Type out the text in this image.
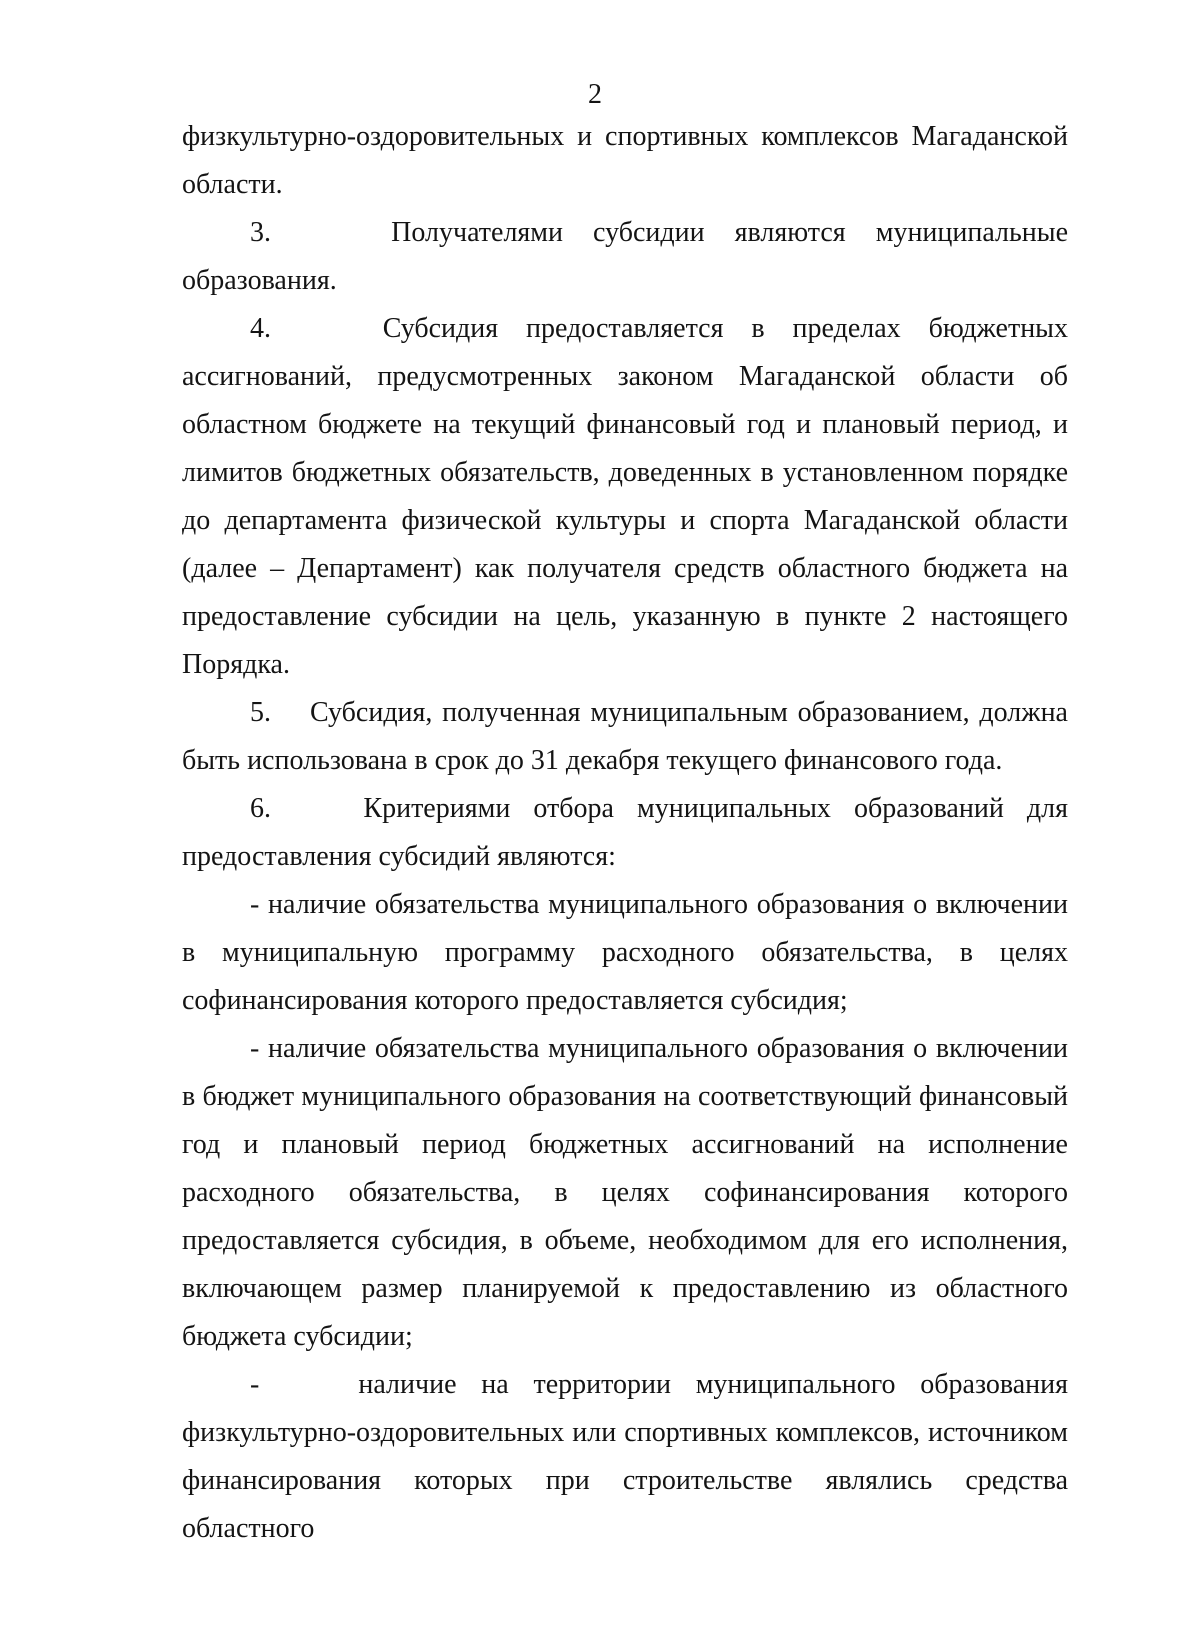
2

физкультурно-оздоровительных и спортивных комплексов Магаданской области.

3.    Получателями субсидии являются муниципальные образования.

4.    Субсидия предоставляется в пределах бюджетных ассигнований, предусмотренных законом Магаданской области об областном бюджете на текущий финансовый год и плановый период, и лимитов бюджетных обязательств, доведенных в установленном порядке до департамента физической культуры и спорта Магаданской области (далее – Департамент) как получателя средств областного бюджета на предоставление субсидии на цель, указанную в пункте 2 настоящего Порядка.

5.    Субсидия, полученная муниципальным образованием, должна быть использована в срок до 31 декабря текущего финансового года.

6.    Критериями отбора муниципальных образований для предоставления субсидий являются:

- наличие обязательства муниципального образования о включении в муниципальную программу расходного обязательства, в целях софинансирования которого предоставляется субсидия;

- наличие обязательства муниципального образования о включении в бюджет муниципального образования на соответствующий финансовый год и плановый период бюджетных ассигнований на исполнение расходного обязательства, в целях софинансирования которого предоставляется субсидия, в объеме, необходимом для его исполнения, включающем размер планируемой к предоставлению из областного бюджета субсидии;

-    наличие на территории муниципального образования физкультурно-оздоровительных или спортивных комплексов, источником финансирования которых при строительстве являлись средства областного
